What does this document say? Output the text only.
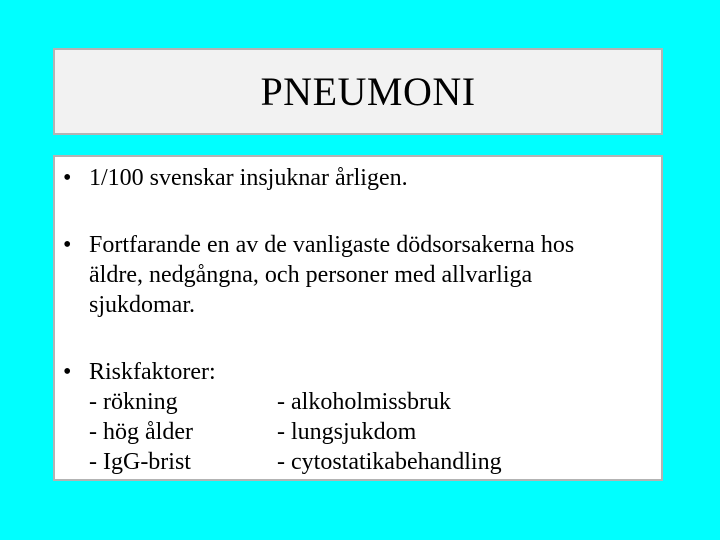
PNEUMONI
• 1/100 svenskar insjuknar årligen.
• Fortfarande en av de vanligaste dödsorsakerna hos
äldre, nedgångna, och personer med allvarliga
sjukdomar.
• Riskfaktorer:
- rökning	- alkoholmissbruk
- hög ålder	- lungsjukdom
- IgG-brist	- cytostatikabehandling
